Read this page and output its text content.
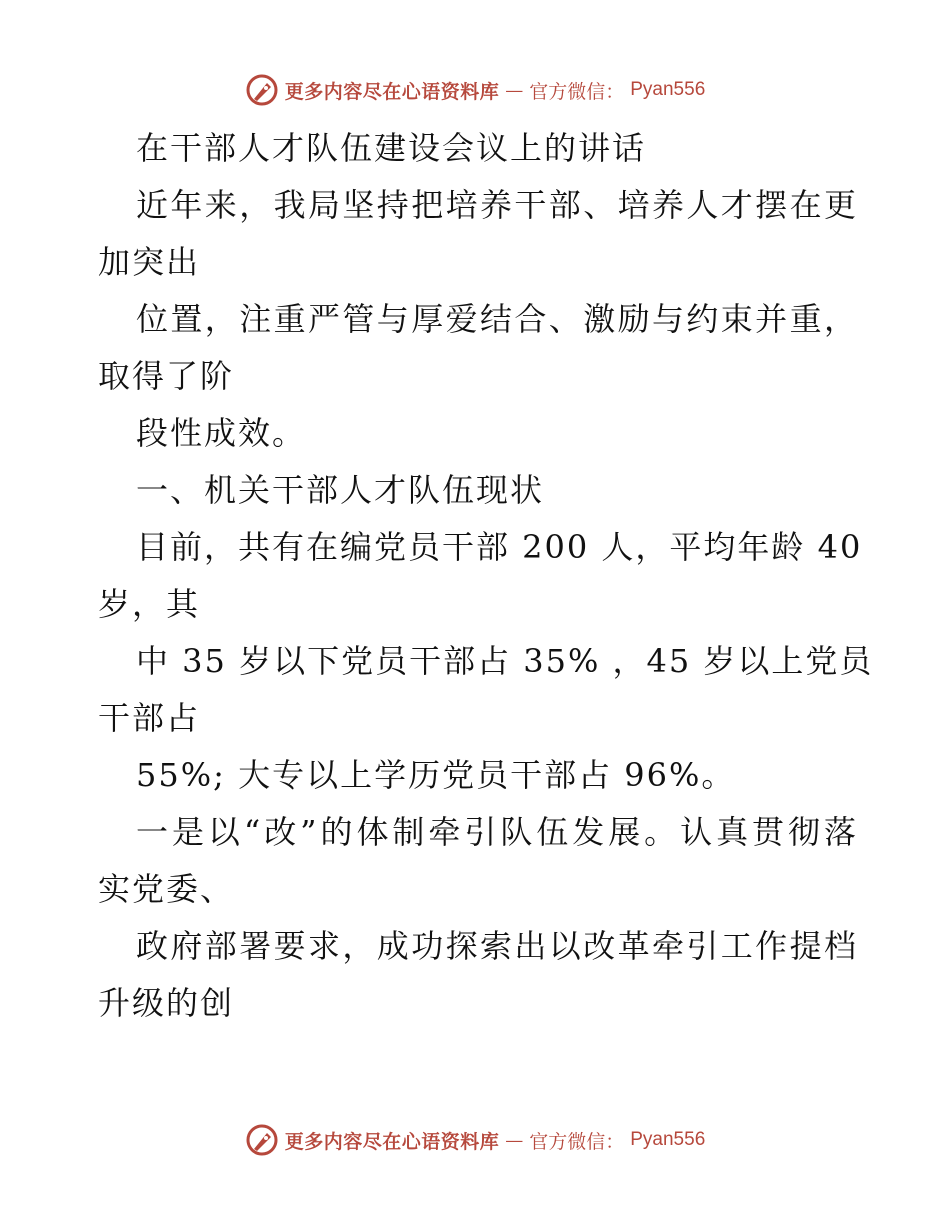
更多内容尽在心语资料库 — 官方微信： Pyan556
在干部人才队伍建设会议上的讲话
近年来，我局坚持把培养干部、培养人才摆在更
加突出
位置，注重严管与厚爱结合、激励与约束并重，
取得了阶
段性成效。
一、机关干部人才队伍现状
目前，共有在编党员干部 200 人，平均年龄 40
岁，其
中 35 岁以下党员干部占 35% ，45 岁以上党员
干部占
55%; 大专以上学历党员干部占 96%。
一是以“改”的体制牵引队伍发展。认真贯彻落
实党委、
政府部署要求，成功探索出以改革牵引工作提档
升级的创
更多内容尽在心语资料库 — 官方微信： Pyan556
